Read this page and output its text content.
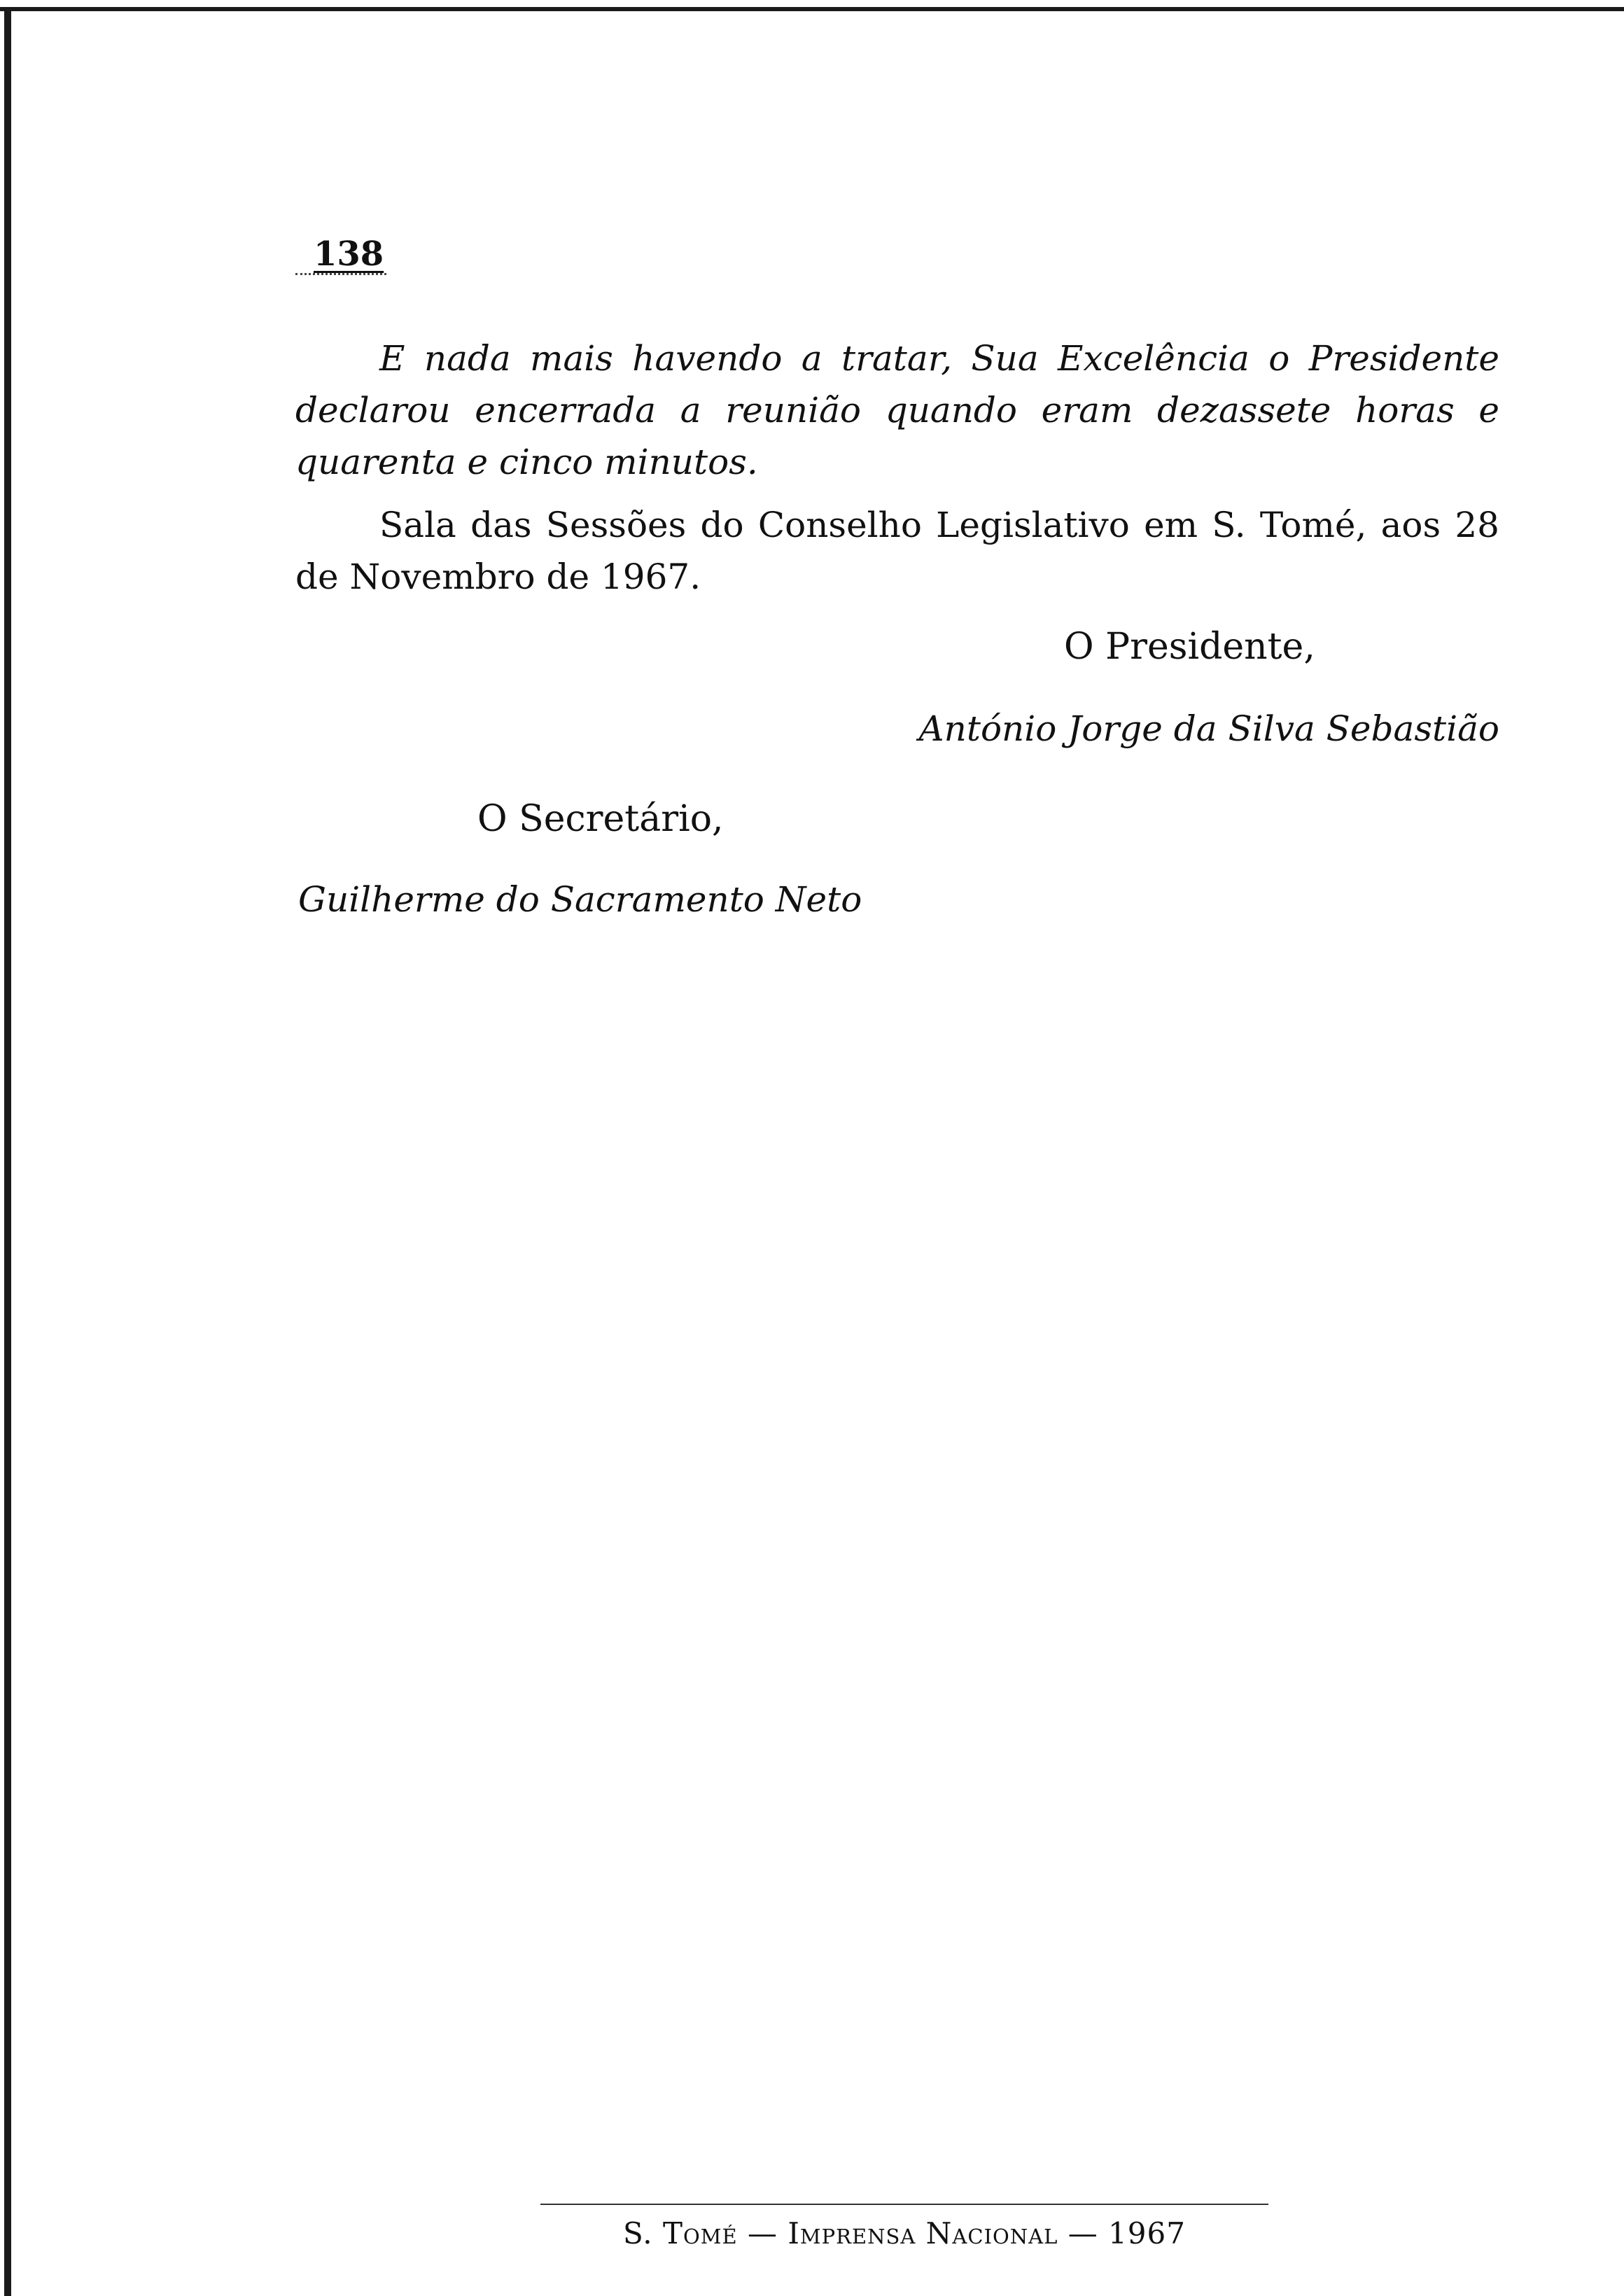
138

E nada mais havendo a tratar, Sua Excelência o Presidente declarou encerrada a reunião quando eram dezassete horas e quarenta e cinco minutos.

Sala das Sessões do Conselho Legislativo em S. Tomé, aos 28 de Novembro de 1967.

O Presidente,
António Jorge da Silva Sebastião
O Secretário,
Guilherme do Sacramento Neto
S. Tomé — Imprensa Nacional — 1967
